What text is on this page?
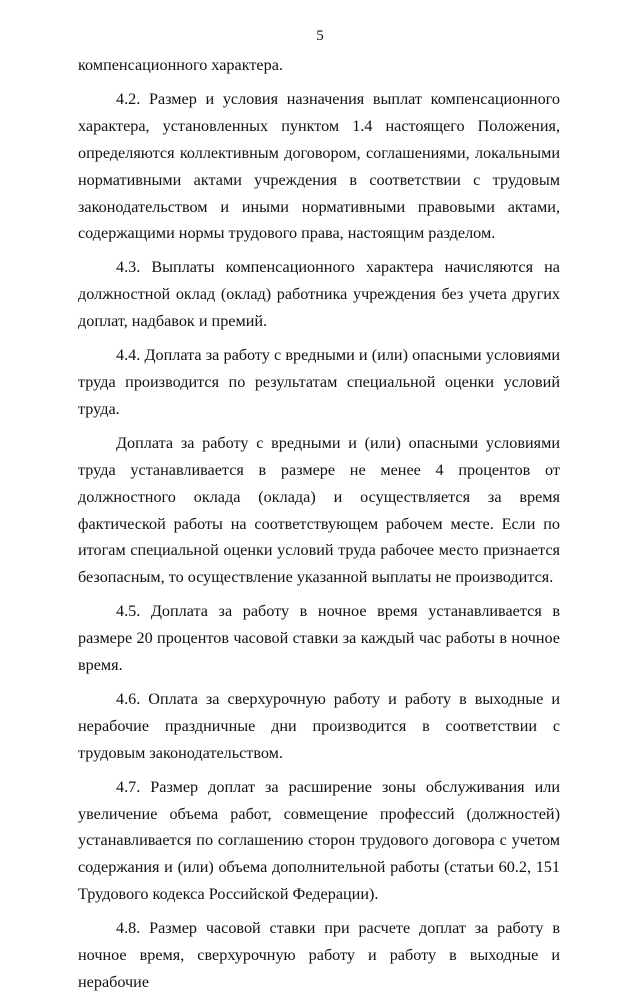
5

компенсационного характера.

4.2. Размер и условия назначения выплат компенсационного характера, установленных пунктом 1.4 настоящего Положения, определяются коллективным договором, соглашениями, локальными нормативными актами учреждения в соответствии с трудовым законодательством и иными нормативными правовыми актами, содержащими нормы трудового права, настоящим разделом.

4.3. Выплаты компенсационного характера начисляются на должностной оклад (оклад) работника учреждения без учета других доплат, надбавок и премий.

4.4. Доплата за работу с вредными и (или) опасными условиями труда производится по результатам специальной оценки условий труда.

Доплата за работу с вредными и (или) опасными условиями труда устанавливается в размере не менее 4 процентов от должностного оклада (оклада) и осуществляется за время фактической работы на соответствующем рабочем месте. Если по итогам специальной оценки условий труда рабочее место признается безопасным, то осуществление указанной выплаты не производится.

4.5. Доплата за работу в ночное время устанавливается в размере 20 процентов часовой ставки за каждый час работы в ночное время.

4.6. Оплата за сверхурочную работу и работу в выходные и нерабочие праздничные дни производится в соответствии с трудовым законодательством.

4.7. Размер доплат за расширение зоны обслуживания или увеличение объема работ, совмещение профессий (должностей) устанавливается по соглашению сторон трудового договора с учетом содержания и (или) объема дополнительной работы (статьи 60.2, 151 Трудового кодекса Российской Федерации).

4.8. Размер часовой ставки при расчете доплат за работу в ночное время, сверхурочную работу и работу в выходные и нерабочие
